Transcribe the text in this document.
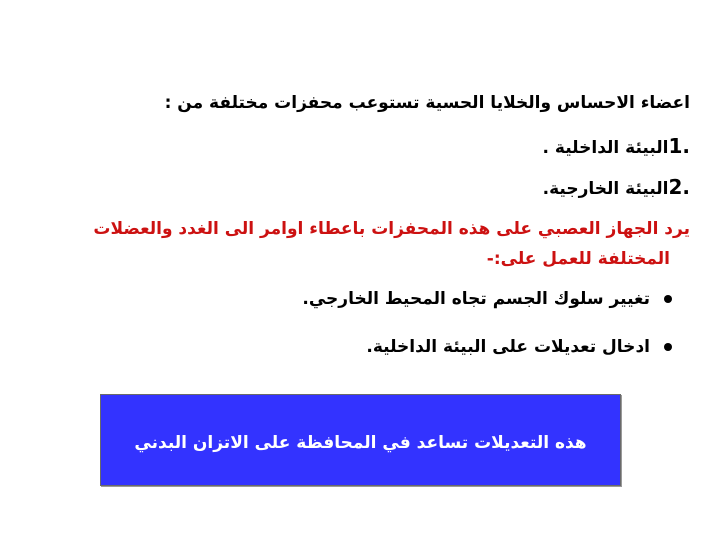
اعضاء الاحساس والخلايا الحسية تستوعب محفزات مختلفة من :
1.البيئة الداخلية .
2.البيئة الخارجية.
يرد الجهاز العصبي على هذه المحفزات باعطاء اوامر الى الغدد والعضلات
المختلفة للعمل على:-
تغيير سلوك الجسم تجاه المحيط الخارجي.
ادخال تعديلات على البيئة الداخلية.
هذه التعديلات تساعد في المحافظة على الاتزان البدني
